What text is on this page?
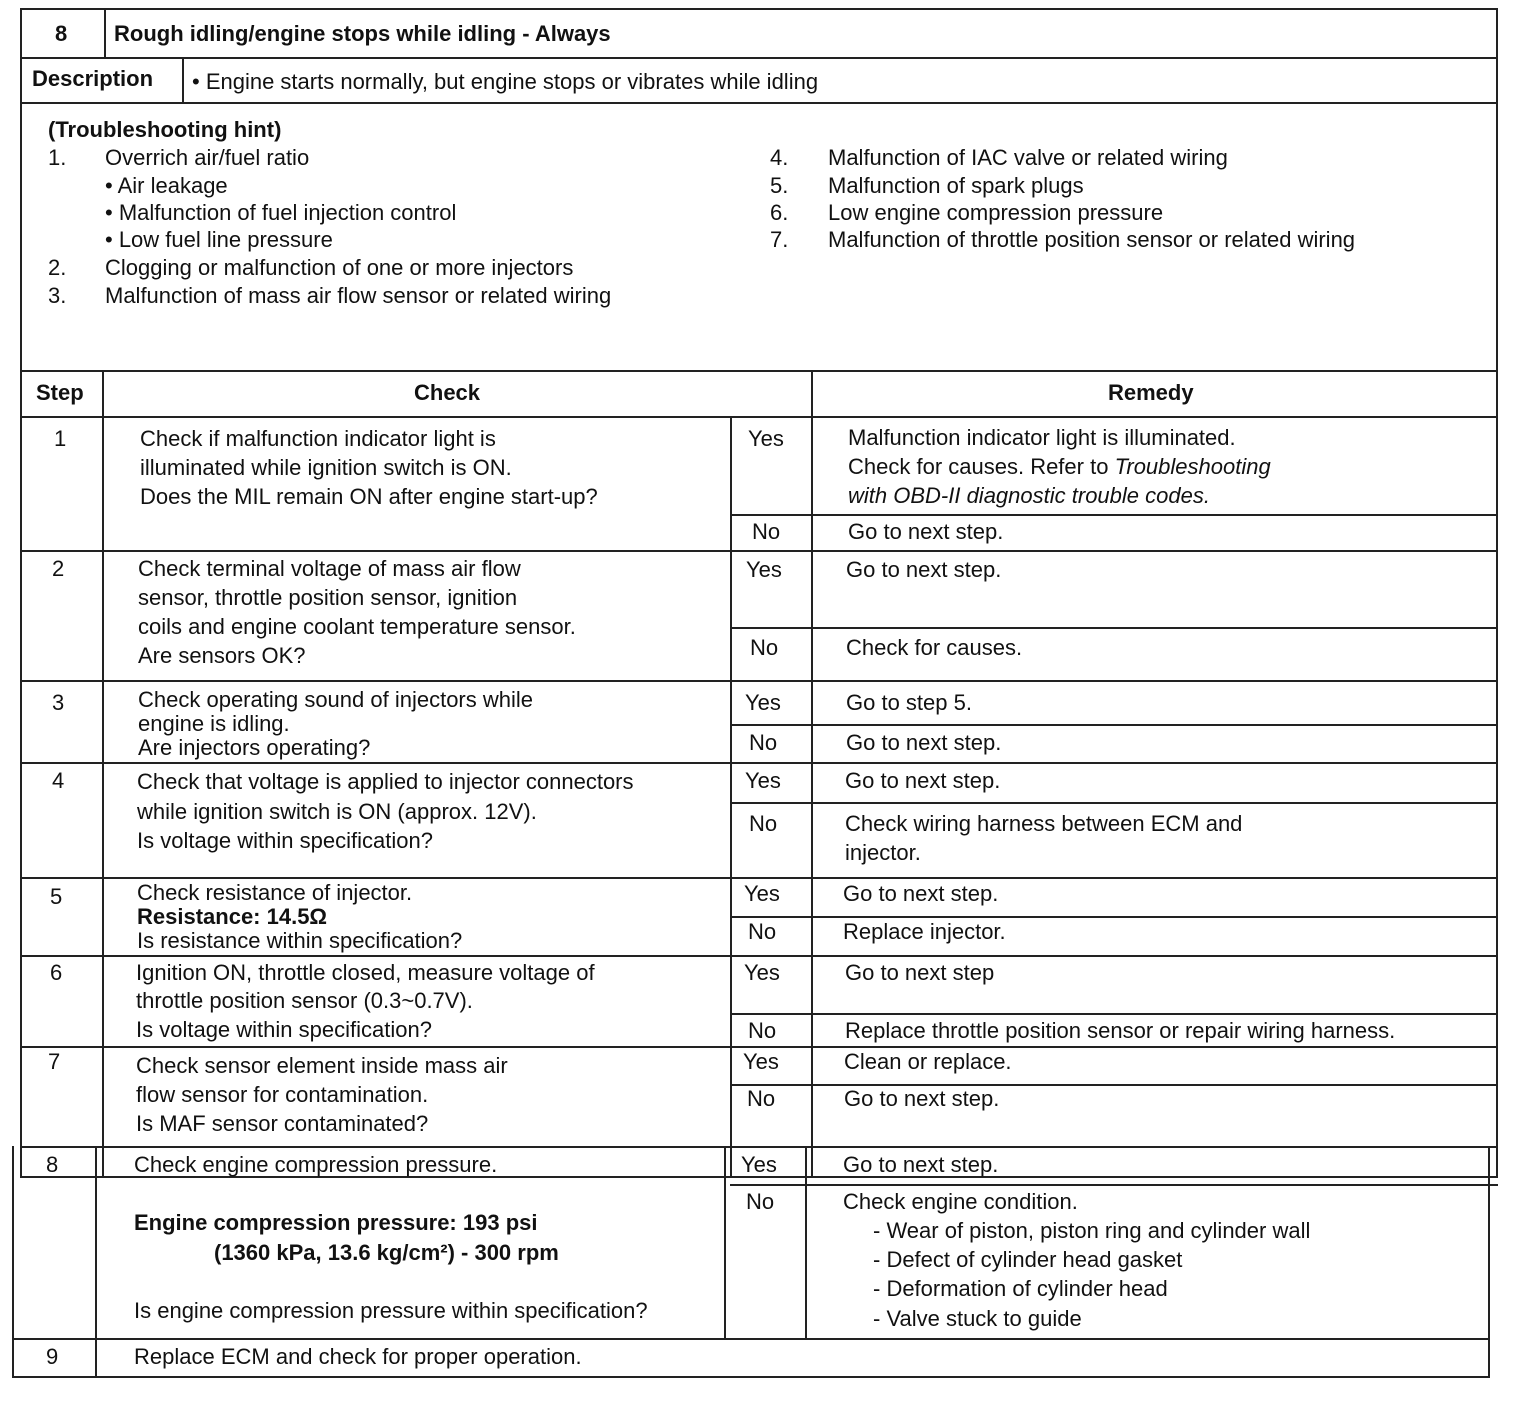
8 Rough idling/engine stops while idling - Always
Description • Engine starts normally, but engine stops or vibrates while idling
(Troubleshooting hint)
1. Overrich air/fuel ratio
• Air leakage
• Malfunction of fuel injection control
• Low fuel line pressure
2. Clogging or malfunction of one or more injectors
3. Malfunction of mass air flow sensor or related wiring
4. Malfunction of IAC valve or related wiring
5. Malfunction of spark plugs
6. Low engine compression pressure
7. Malfunction of throttle position sensor or related wiring
Step	Check	Remedy
1	Check if malfunction indicator light is
illuminated while ignition switch is ON.
Does the MIL remain ON after engine start-up?
Yes	Malfunction indicator light is illuminated.
Check for causes. Refer to Troubleshooting
with OBD-II diagnostic trouble codes.
No	Go to next step.
2	Check terminal voltage of mass air flow
sensor, throttle position sensor, ignition
coils and engine coolant temperature sensor.
Are sensors OK?
Yes	Go to next step.
No	Check for causes.
3	Check operating sound of injectors while
engine is idling.
Are injectors operating?
Yes	Go to step 5.
No	Go to next step.
4	Check that voltage is applied to injector connectors
while ignition switch is ON (approx. 12V).
Is voltage within specification?
Yes	Go to next step.
No	Check wiring harness between ECM and
injector.
5	Check resistance of injector.
Resistance: 14.5Ω
Is resistance within specification?
Yes	Go to next step.
No	Replace injector.
6	Ignition ON, throttle closed, measure voltage of
throttle position sensor (0.3~0.7V).
Is voltage within specification?
Yes	Go to next step
No	Replace throttle position sensor or repair wiring harness.
7	Check sensor element inside mass air
flow sensor for contamination.
Is MAF sensor contaminated?
Yes	Clean or replace.
No	Go to next step.
8	Check engine compression pressure.
Engine compression pressure: 193 psi
(1360 kPa, 13.6 kg/cm²) - 300 rpm
Is engine compression pressure within specification?
Yes	Go to next step.
No	Check engine condition.
- Wear of piston, piston ring and cylinder wall
- Defect of cylinder head gasket
- Deformation of cylinder head
- Valve stuck to guide
9	Replace ECM and check for proper operation.
